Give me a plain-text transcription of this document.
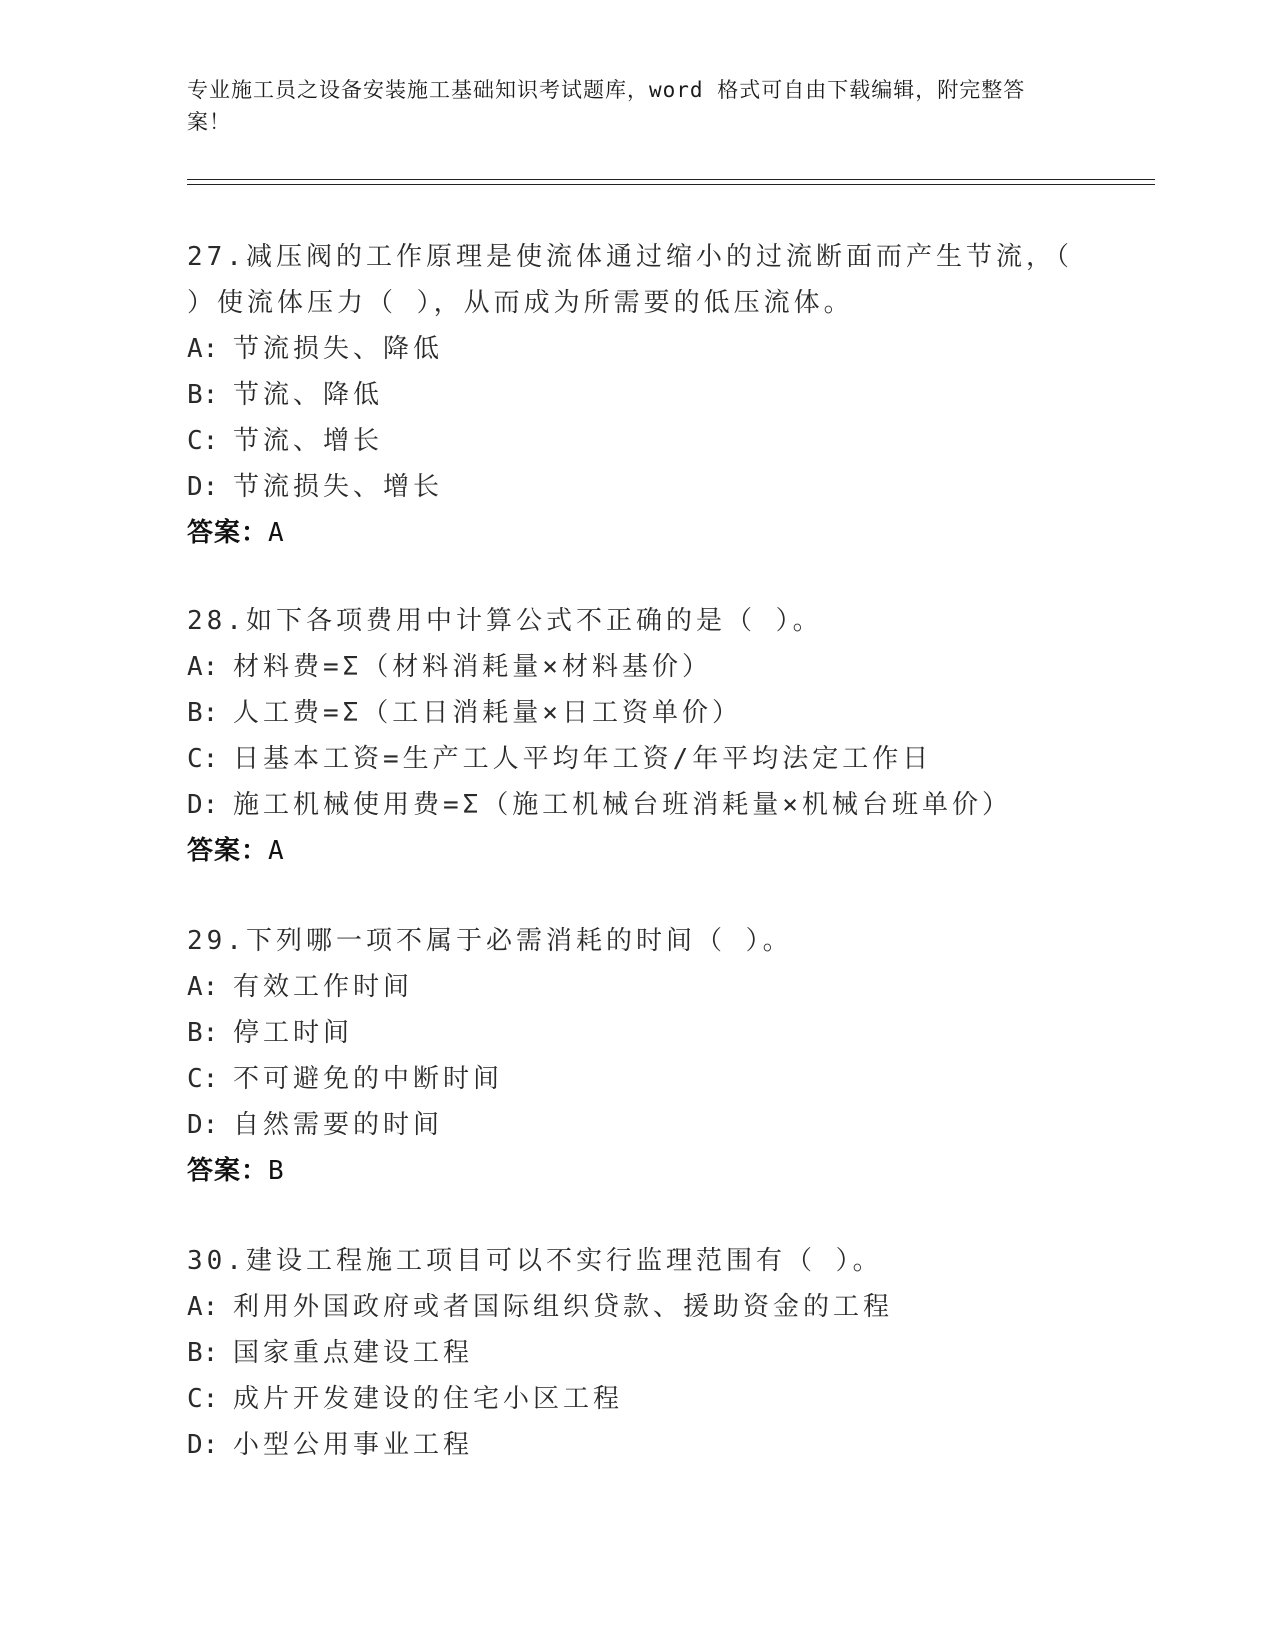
专业施工员之设备安装施工基础知识考试题库，word 格式可自由下载编辑，附完整答案！
27.减压阀的工作原理是使流体通过缩小的过流断面而产生节流，（ ）使流体压力（ ），从而成为所需要的低压流体。
A: 节流损失、降低
B: 节流、降低
C: 节流、增长
D: 节流损失、增长
答案：A
28.如下各项费用中计算公式不正确的是（ ）。
A: 材料费=Σ（材料消耗量×材料基价）
B: 人工费=Σ（工日消耗量×日工资单价）
C: 日基本工资=生产工人平均年工资/年平均法定工作日
D: 施工机械使用费=Σ（施工机械台班消耗量×机械台班单价）
答案：A
29.下列哪一项不属于必需消耗的时间（ ）。
A: 有效工作时间
B: 停工时间
C: 不可避免的中断时间
D: 自然需要的时间
答案：B
30.建设工程施工项目可以不实行监理范围有（ ）。
A: 利用外国政府或者国际组织贷款、援助资金的工程
B: 国家重点建设工程
C: 成片开发建设的住宅小区工程
D: 小型公用事业工程
